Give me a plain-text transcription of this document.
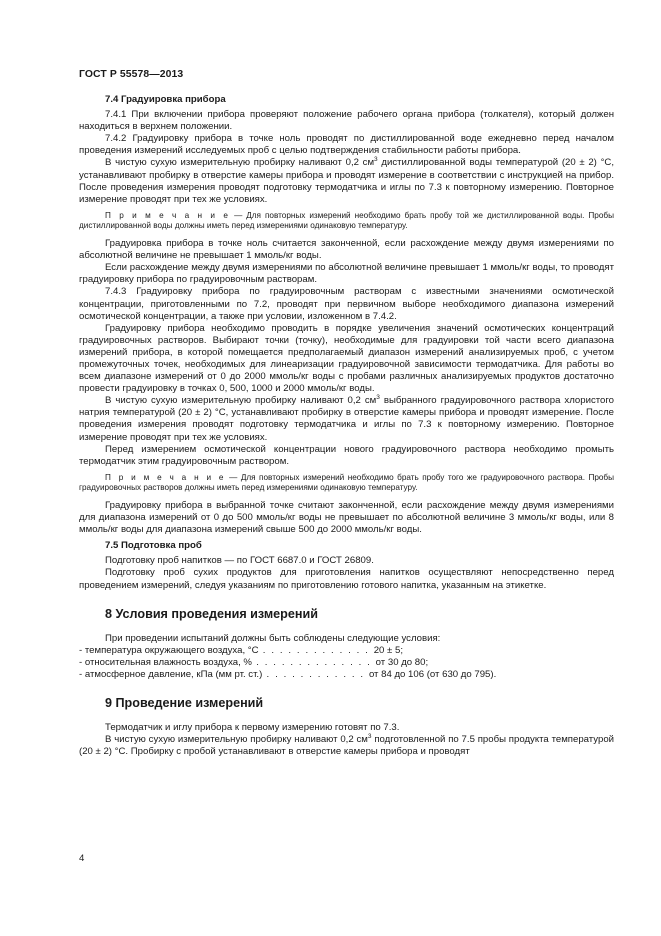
ГОСТ Р 55578—2013
7.4 Градуировка прибора

7.4.1 При включении прибора проверяют положение рабочего органа прибора (толкателя), который должен находиться в верхнем положении.

7.4.2 Градуировку прибора в точке ноль проводят по дистиллированной воде ежедневно перед началом проведения измерений исследуемых проб с целью подтверждения стабильности работы прибора.

В чистую сухую измерительную пробирку наливают 0,2 $см^3$ дистиллированной воды температурой (20 ± 2) °С, устанавливают пробирку в отверстие камеры прибора и проводят измерение в соответствии с инструкцией на прибор. После проведения измерения проводят подготовку термодатчика и иглы по 7.3 к повторному измерению. Повторное измерение проводят при тех же условиях.

П р и м е ч а н и е — Для повторных измерений необходимо брать пробу той же дистиллированной воды. Пробы дистиллированной воды должны иметь перед измерениями одинаковую температуру.

Градуировка прибора в точке ноль считается законченной, если расхождение между двумя измерениями по абсолютной величине не превышает 1 ммоль/кг воды.

Если расхождение между двумя измерениями по абсолютной величине превышает 1 ммоль/кг воды, то проводят градуировку прибора по градуировочным растворам.

7.4.3 Градуировку прибора по градуировочным растворам с известными значениями осмотической концентрации, приготовленными по 7.2, проводят при первичном выборе необходимого диапазона измерений осмотической концентрации, а также при условии, изложенном в 7.4.2.

Градуировку прибора необходимо проводить в порядке увеличения значений осмотических концентраций градуировочных растворов. Выбирают точки (точку), необходимые для градуировки той части всего диапазона измерений прибора, в которой помещается предполагаемый диапазон измерений анализируемых проб, с учетом промежуточных точек, необходимых для линеаризации градуировочной зависимости термодатчика. Для работы во всем диапазоне измерений от 0 до 2000 ммоль/кг воды с пробами различных анализируемых продуктов достаточно провести градуировку в точках 0, 500, 1000 и 2000 ммоль/кг воды.

В чистую сухую измерительную пробирку наливают 0,2 $см^3$ выбранного градуировочного раствора хлористого натрия температурой (20 ± 2) °С, устанавливают пробирку в отверстие камеры прибора и проводят измерение. После проведения измерения проводят подготовку термодатчика и иглы по 7.3 к повторному измерению. Повторное измерение проводят при тех же условиях.

Перед измерением осмотической концентрации нового градуировочного раствора необходимо промыть термодатчик этим градуировочным раствором.

П р и м е ч а н и е — Для повторных измерений необходимо брать пробу того же градуировочного раствора. Пробы градуировочных растворов должны иметь перед измерениями одинаковую температуру.

Градуировку прибора в выбранной точке считают законченной, если расхождение между двумя измерениями для диапазона измерений от 0 до 500 ммоль/кг воды не превышает по абсолютной величине 3 ммоль/кг воды, или 8 ммоль/кг воды для диапазона измерений свыше 500 до 2000 ммоль/кг воды.

7.5 Подготовка проб

Подготовку проб напитков — по ГОСТ 6687.0 и ГОСТ 26809.

Подготовку проб сухих продуктов для приготовления напитков осуществляют непосредственно перед проведением измерений, следуя указаниям по приготовлению готового напитка, указанным на этикетке.

8 Условия проведения измерений

При проведении испытаний должны быть соблюдены следующие условия:

- температура окружающего воздуха, °С . . . . . . . . . . . . . 20 ± 5;

- относительная влажность воздуха, % . . . . . . . . . . . . . . от 30 до 80;

- атмосферное давление, кПа (мм рт. ст.) . . . . . . . . . . . . от 84 до 106 (от 630 до 795).

9 Проведение измерений

Термодатчик и иглу прибора к первому измерению готовят по 7.3.

В чистую сухую измерительную пробирку наливают 0,2 $см^3$ подготовленной по 7.5 пробы продукта температурой (20 ± 2) °С. Пробирку с пробой устанавливают в отверстие камеры прибора и проводят

4
